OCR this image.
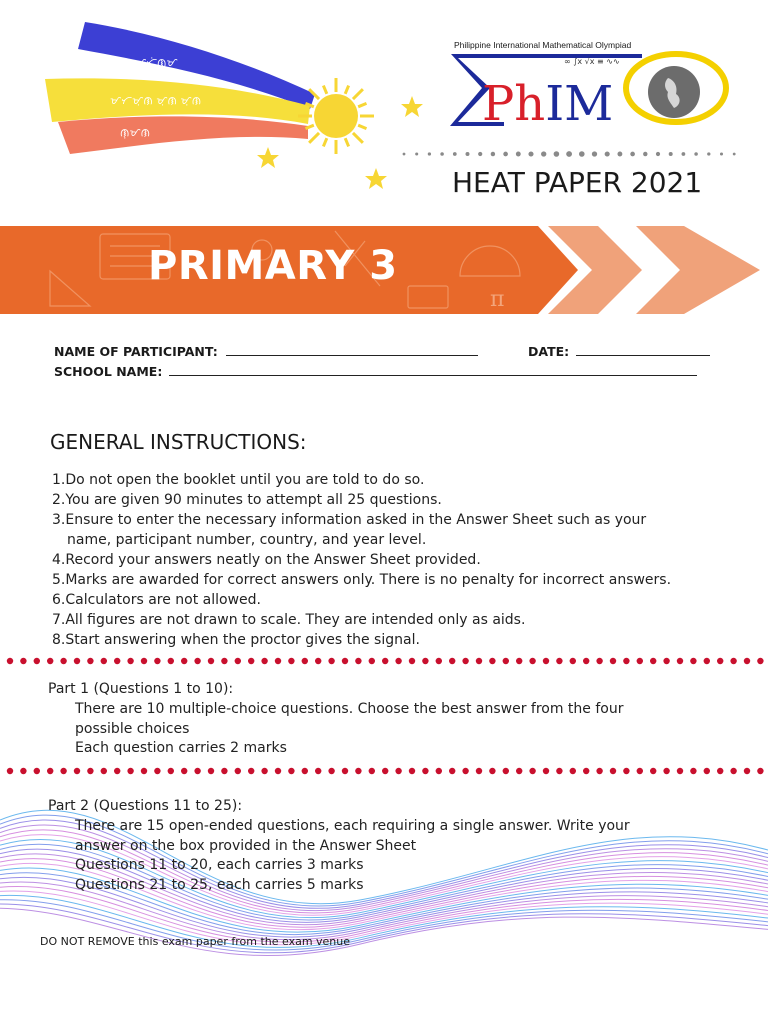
ᜋᜆᜒᜈᜓᜋ
ᜋᜆᜋᜓᜈ ᜋᜓᜈ ᜋᜓᜈ
ᜈᜓᜋᜈ
Philippine International Mathematical Olympiad
PhIM
∞ ∫x √x ≡ ∿∿
HEAT PAPER 2021
π
PRIMARY 3
NAME OF PARTICIPANT:	DATE:
SCHOOL NAME:
GENERAL INSTRUCTIONS:
1.Do not open the booklet until you are told to do so.
2.You are given 90 minutes to attempt all 25 questions.
3.Ensure to enter the necessary information asked in the Answer Sheet such as your
name, participant number, country, and year level.
4.Record your answers neatly on the Answer Sheet provided.
5.Marks are awarded for correct answers only. There is no penalty for incorrect answers.
6.Calculators are not allowed.
7.All figures are not drawn to scale. They are intended only as aids.
8.Start answering when the proctor gives the signal.
Part 1 (Questions 1 to 10):
There are 10 multiple-choice questions. Choose the best answer from the four
possible choices
Each question carries 2 marks
Part 2 (Questions 11 to 25):
There are 15 open-ended questions, each requiring a single answer. Write your
answer on the box provided in the Answer Sheet
Questions 11 to 20, each carries 3 marks
Questions 21 to 25, each carries 5 marks
DO NOT REMOVE this exam paper from the exam venue
